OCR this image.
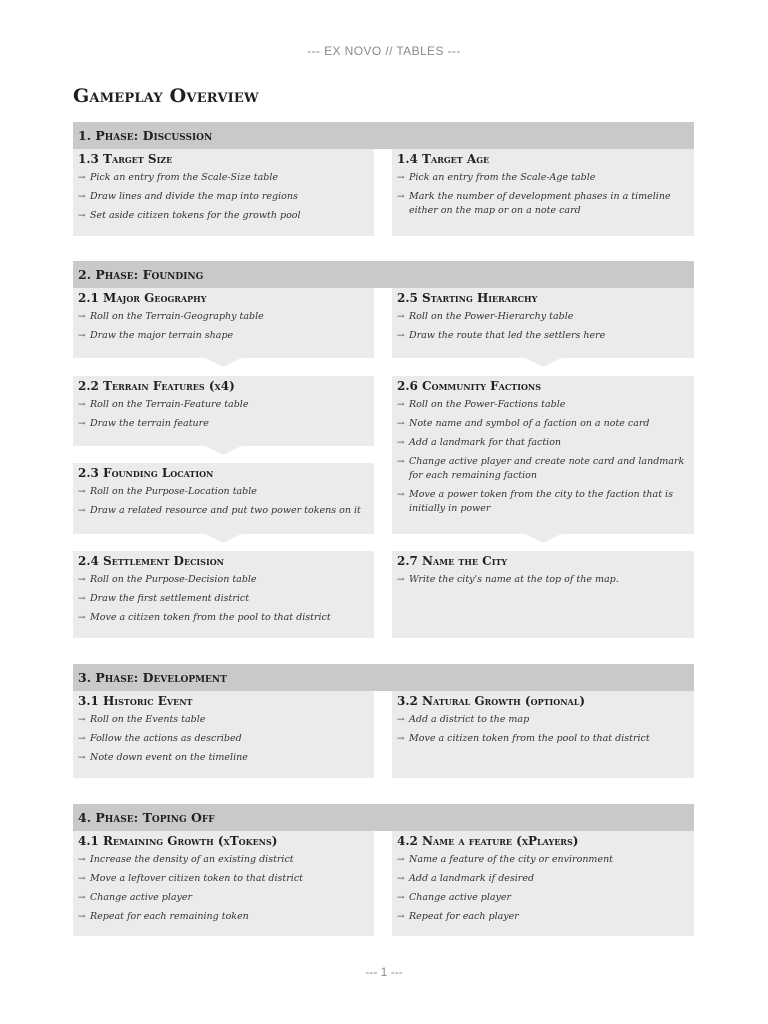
--- EX NOVO // TABLES ---
Gameplay Overview
1. Phase: Discussion
1.3 Target Size
→ Pick an entry from the Scale-Size table
→ Draw lines and divide the map into regions
→ Set aside citizen tokens for the growth pool
1.4 Target Age
→ Pick an entry from the Scale-Age table
→ Mark the number of development phases in a timeline either on the map or on a note card
2. Phase: Founding
2.1 Major Geography
→ Roll on the Terrain-Geography table
→ Draw the major terrain shape
2.2 Terrain Features (x4)
→ Roll on the Terrain-Feature table
→ Draw the terrain feature
2.3 Founding Location
→ Roll on the Purpose-Location table
→ Draw a related resource and put two power tokens on it
2.4 Settlement Decision
→ Roll on the Purpose-Decision table
→ Draw the first settlement district
→ Move a citizen token from the pool to that district
2.5 Starting Hierarchy
→ Roll on the Power-Hierarchy table
→ Draw the route that led the settlers here
2.6 Community Factions
→ Roll on the Power-Factions table
→ Note name and symbol of a faction on a note card
→ Add a landmark for that faction
→ Change active player and create note card and landmark for each remaining faction
→ Move a power token from the city to the faction that is initially in power
2.7 Name the City
→ Write the city's name at the top of the map.
3. Phase: Development
3.1 Historic Event
→ Roll on the Events table
→ Follow the actions as described
→ Note down event on the timeline
3.2 Natural Growth (optional)
→ Add a district to the map
→ Move a citizen token from the pool to that district
4. Phase: Toping Off
4.1 Remaining Growth (xTokens)
→ Increase the density of an existing district
→ Move a leftover citizen token to that district
→ Change active player
→ Repeat for each remaining token
4.2 Name a feature (xPlayers)
→ Name a feature of the city or environment
→ Add a landmark if desired
→ Change active player
→ Repeat for each player
--- 1 ---
